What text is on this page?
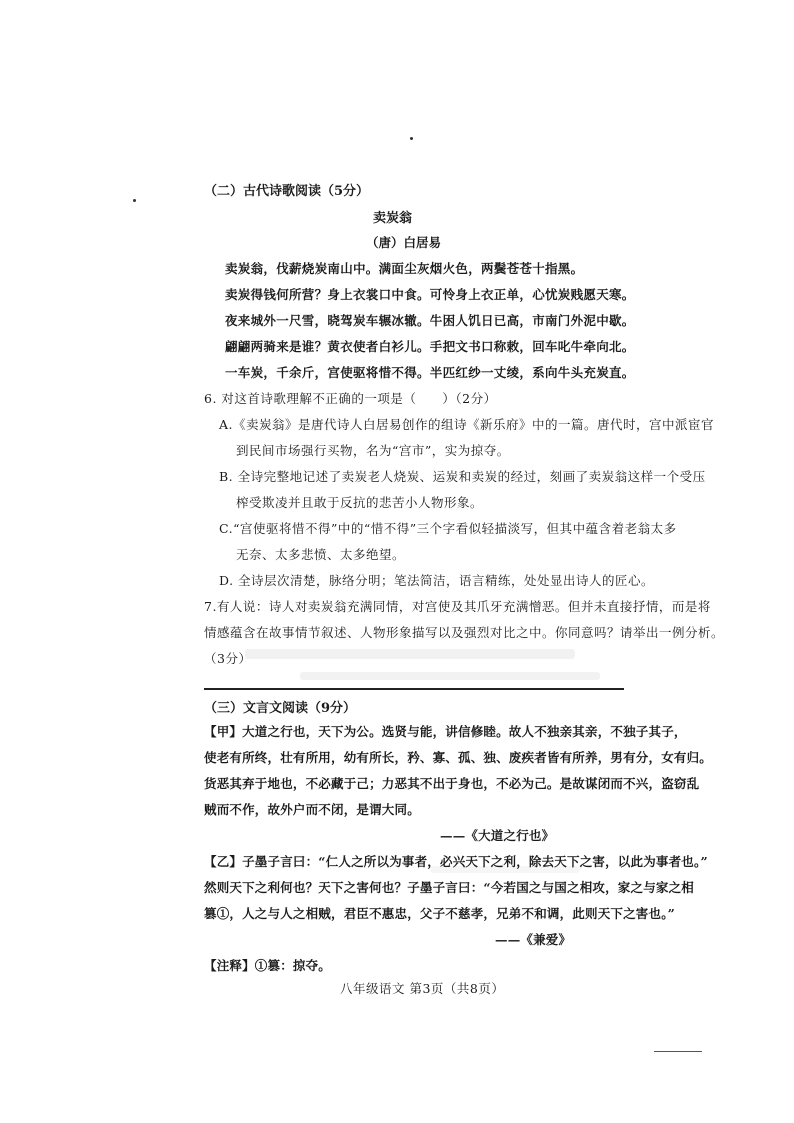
（二）古代诗歌阅读（5分）
卖炭翁
（唐）白居易
卖炭翁，伐薪烧炭南山中。满面尘灰烟火色，两鬓苍苍十指黑。
卖炭得钱何所营？身上衣裳口中食。可怜身上衣正单，心忧炭贱愿天寒。
夜来城外一尺雪，晓驾炭车辗冰辙。牛困人饥日已高，市南门外泥中歇。
翩翩两骑来是谁？黄衣使者白衫儿。手把文书口称敕，回车叱牛牵向北。
一车炭，千余斤，宫使驱将惜不得。半匹红纱一丈绫，系向牛头充炭直。
6. 对这首诗歌理解不正确的一项是（　　）（2分）
A.《卖炭翁》是唐代诗人白居易创作的组诗《新乐府》中的一篇。唐代时，宫中派宦官
到民间市场强行买物，名为“宫市”，实为掠夺。
B. 全诗完整地记述了卖炭老人烧炭、运炭和卖炭的经过，刻画了卖炭翁这样一个受压
榨受欺凌并且敢于反抗的悲苦小人物形象。
C.“宫使驱将惜不得”中的“惜不得”三个字看似轻描淡写，但其中蕴含着老翁太多
无奈、太多悲愤、太多绝望。
D. 全诗层次清楚，脉络分明；笔法简洁，语言精练，处处显出诗人的匠心。
7.有人说：诗人对卖炭翁充满同情，对宫使及其爪牙充满憎恶。但并未直接抒情，而是将
情感蕴含在故事情节叙述、人物形象描写以及强烈对比之中。你同意吗？请举出一例分析。
（3分）
（三）文言文阅读（9分）
【甲】大道之行也，天下为公。选贤与能，讲信修睦。故人不独亲其亲，不独子其子，
使老有所终，壮有所用，幼有所长，矜、寡、孤、独、废疾者皆有所养，男有分，女有归。
货恶其弃于地也，不必藏于己；力恶其不出于身也，不必为己。是故谋闭而不兴，盗窃乱
贼而不作，故外户而不闭，是谓大同。
——《大道之行也》
【乙】子墨子言曰：“仁人之所以为事者，必兴天下之利，除去天下之害，以此为事者也。”
然则天下之利何也？天下之害何也？子墨子言曰：“今若国之与国之相攻，家之与家之相
篡①，人之与人之相贼，君臣不惠忠，父子不慈孝，兄弟不和调，此则天下之害也。”
——《兼爱》
【注释】①篡：掠夺。
八年级语文 第3页（共8页）
